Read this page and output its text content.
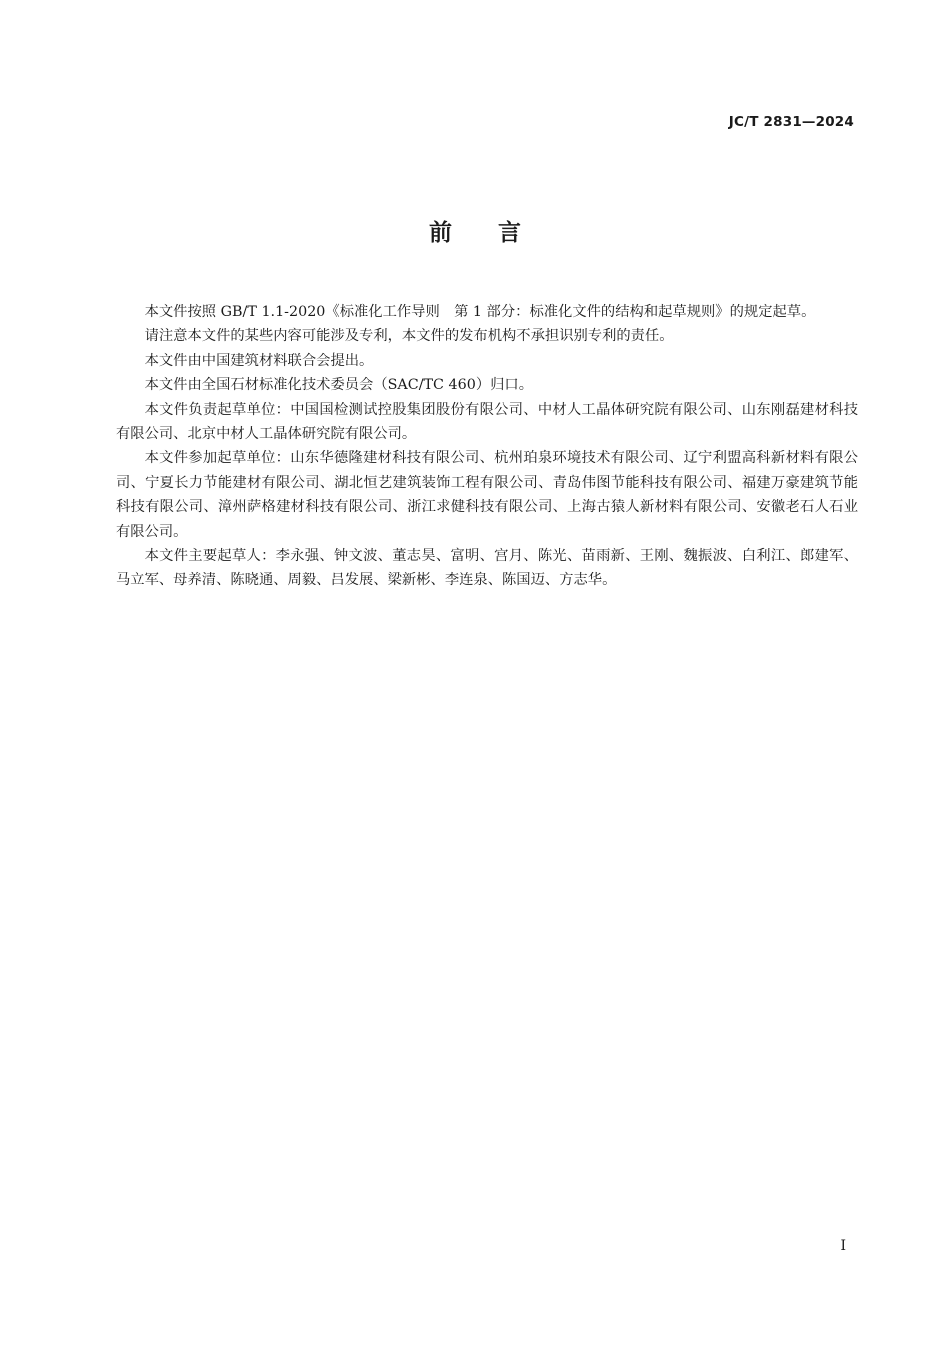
JC/T 2831—2024
前言

本文件按照 GB/T 1.1-2020《标准化工作导则　第 1 部分：标准化文件的结构和起草规则》的规定起草。

请注意本文件的某些内容可能涉及专利，本文件的发布机构不承担识别专利的责任。

本文件由中国建筑材料联合会提出。

本文件由全国石材标准化技术委员会（SAC/TC 460）归口。

本文件负责起草单位：中国国检测试控股集团股份有限公司、中材人工晶体研究院有限公司、山东刚磊建材科技有限公司、北京中材人工晶体研究院有限公司。

本文件参加起草单位：山东华德隆建材科技有限公司、杭州珀泉环境技术有限公司、辽宁利盟高科新材料有限公司、宁夏长力节能建材有限公司、湖北恒艺建筑装饰工程有限公司、青岛伟图节能科技有限公司、福建万豪建筑节能科技有限公司、漳州萨格建材科技有限公司、浙江求健科技有限公司、上海古猿人新材料有限公司、安徽老石人石业有限公司。

本文件主要起草人：李永强、钟文波、董志昊、富明、宫月、陈光、苗雨新、王刚、魏振波、白利江、郎建军、马立军、母养清、陈晓通、周毅、吕发展、梁新彬、李连泉、陈国迈、方志华。

I
